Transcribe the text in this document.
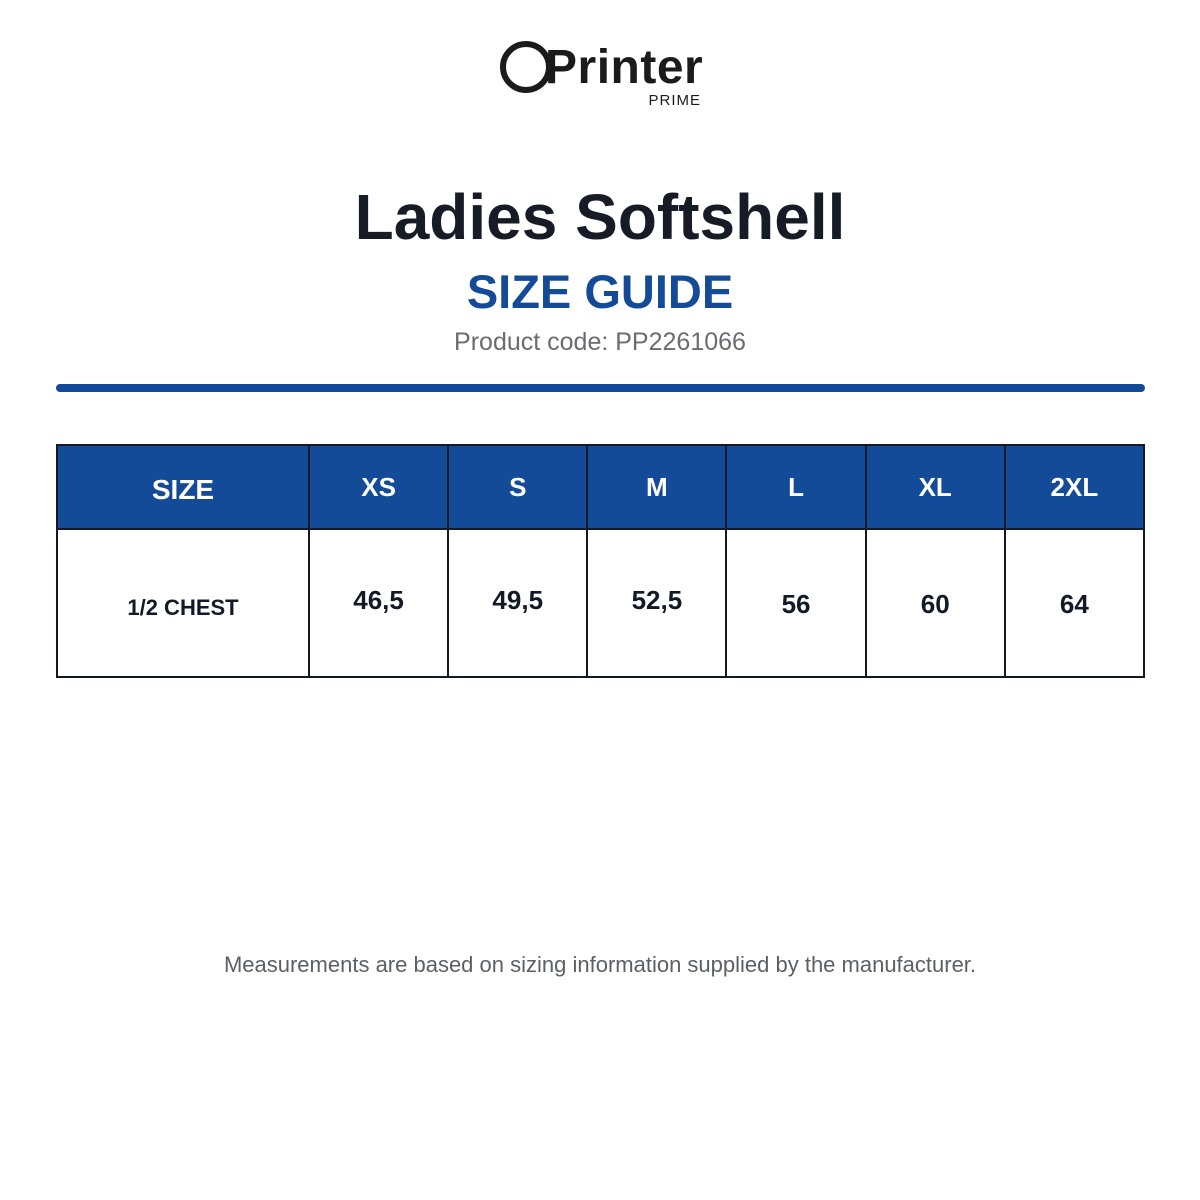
Printer
PRIME
Ladies Softshell
SIZE GUIDE
Product code: PP2261066
SIZE	XS	S	M	L	XL	2XL
1/2 CHEST	46,5	49,5	52,5	56	60	64
Measurements are based on sizing information supplied by the manufacturer.
